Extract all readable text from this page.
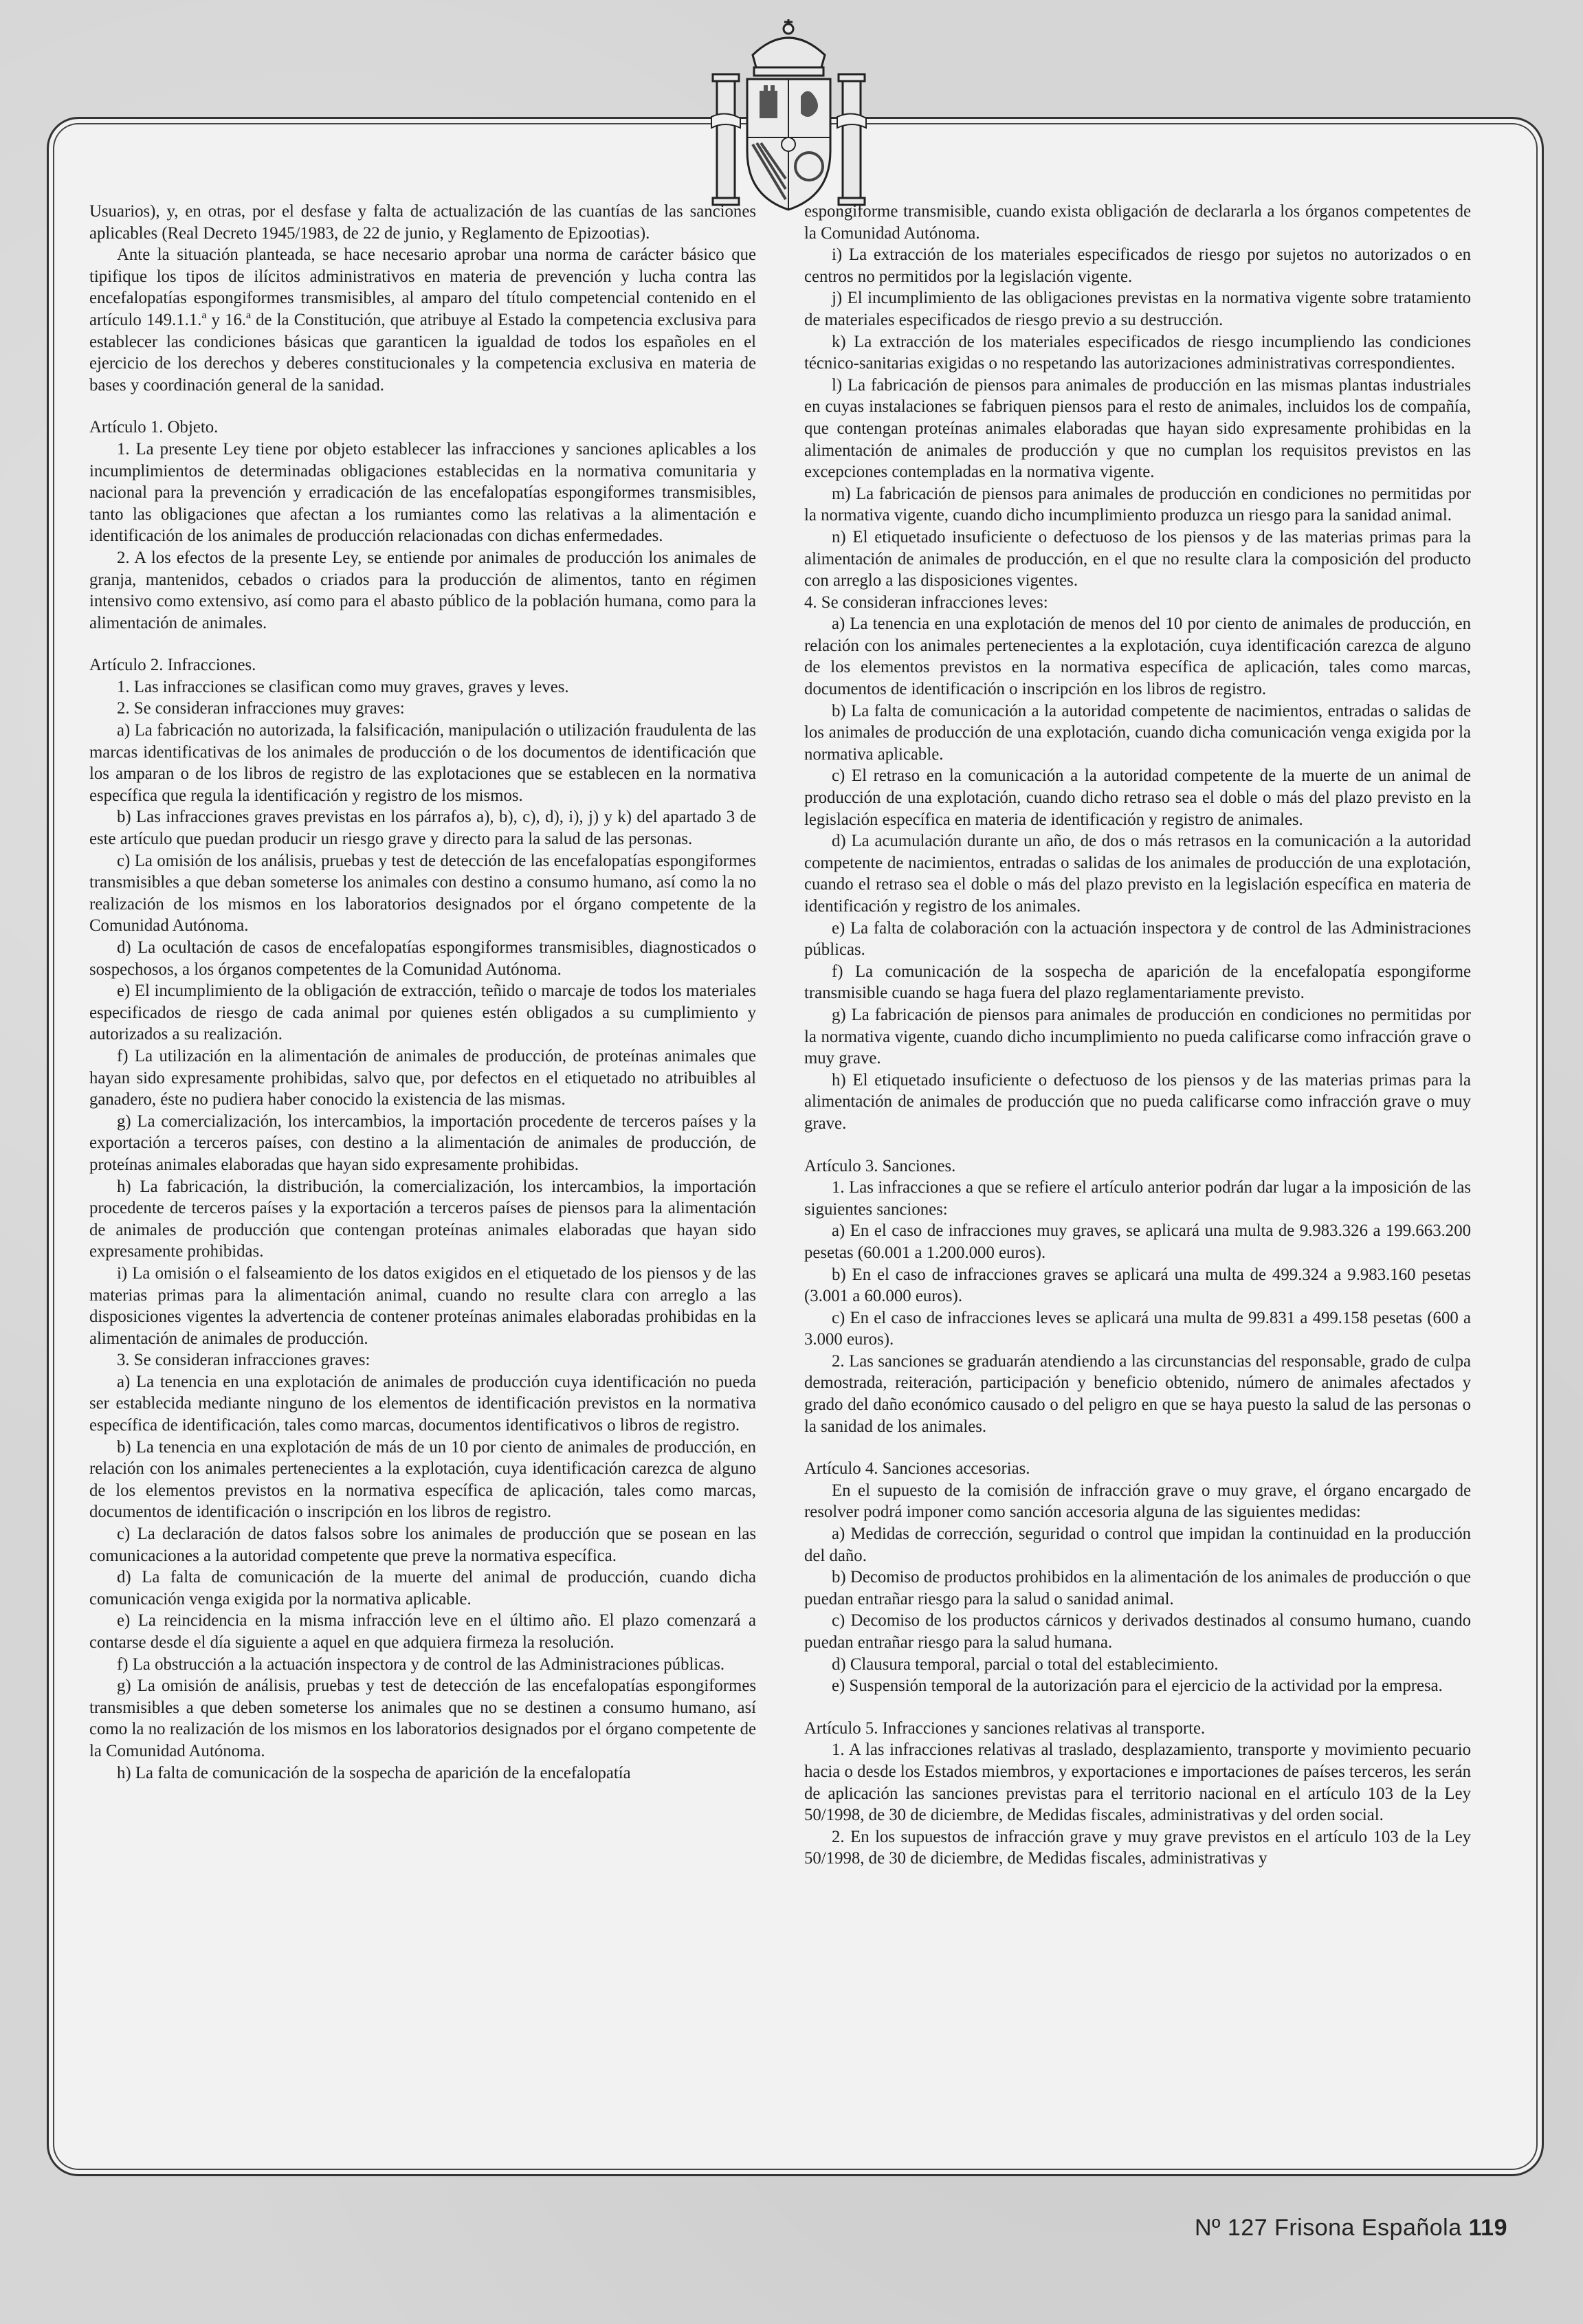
Usuarios), y, en otras, por el desfase y falta de actualización de las cuantías de las sanciones aplicables (Real Decreto 1945/1983, de 22 de junio, y Reglamento de Epizootias).

Ante la situación planteada, se hace necesario aprobar una norma de carácter básico que tipifique los tipos de ilícitos administrativos en materia de prevención y lucha contra las encefalopatías espongiformes transmisibles, al amparo del título competencial contenido en el artículo 149.1.1.ª y 16.ª de la Constitución, que atribuye al Estado la competencia exclusiva para establecer las condiciones básicas que garanticen la igualdad de todos los españoles en el ejercicio de los derechos y deberes constitucionales y la competencia exclusiva en materia de bases y coordinación general de la sanidad.

Artículo 1. Objeto.

1. La presente Ley tiene por objeto establecer las infracciones y sanciones aplicables a los incumplimientos de determinadas obligaciones establecidas en la normativa comunitaria y nacional para la prevención y erradicación de las encefalopatías espongiformes transmisibles, tanto las obligaciones que afectan a los rumiantes como las relativas a la alimentación e identificación de los animales de producción relacionadas con dichas enfermedades.

2. A los efectos de la presente Ley, se entiende por animales de producción los animales de granja, mantenidos, cebados o criados para la producción de alimentos, tanto en régimen intensivo como extensivo, así como para el abasto público de la población humana, como para la alimentación de animales.

Artículo 2. Infracciones.

1. Las infracciones se clasifican como muy graves, graves y leves.

2. Se consideran infracciones muy graves:

a) La fabricación no autorizada, la falsificación, manipulación o utilización fraudulenta de las marcas identificativas de los animales de producción o de los documentos de identificación que los amparan o de los libros de registro de las explotaciones que se establecen en la normativa específica que regula la identificación y registro de los mismos.

b) Las infracciones graves previstas en los párrafos a), b), c), d), i), j) y k) del apartado 3 de este artículo que puedan producir un riesgo grave y directo para la salud de las personas.

c) La omisión de los análisis, pruebas y test de detección de las encefalopatías espongiformes transmisibles a que deban someterse los animales con destino a consumo humano, así como la no realización de los mismos en los laboratorios designados por el órgano competente de la Comunidad Autónoma.

d) La ocultación de casos de encefalopatías espongiformes transmisibles, diagnosticados o sospechosos, a los órganos competentes de la Comunidad Autónoma.

e) El incumplimiento de la obligación de extracción, teñido o marcaje de todos los materiales especificados de riesgo de cada animal por quienes estén obligados a su cumplimiento y autorizados a su realización.

f) La utilización en la alimentación de animales de producción, de proteínas animales que hayan sido expresamente prohibidas, salvo que, por defectos en el etiquetado no atribuibles al ganadero, éste no pudiera haber conocido la existencia de las mismas.

g) La comercialización, los intercambios, la importación procedente de terceros países y la exportación a terceros países, con destino a la alimentación de animales de producción, de proteínas animales elaboradas que hayan sido expresamente prohibidas.

h) La fabricación, la distribución, la comercialización, los intercambios, la importación procedente de terceros países y la exportación a terceros países de piensos para la alimentación de animales de producción que contengan proteínas animales elaboradas que hayan sido expresamente prohibidas.

i) La omisión o el falseamiento de los datos exigidos en el etiquetado de los piensos y de las materias primas para la alimentación animal, cuando no resulte clara con arreglo a las disposiciones vigentes la advertencia de contener proteínas animales elaboradas prohibidas en la alimentación de animales de producción.

3. Se consideran infracciones graves:

a) La tenencia en una explotación de animales de producción cuya identificación no pueda ser establecida mediante ninguno de los elementos de identificación previstos en la normativa específica de identificación, tales como marcas, documentos identificativos o libros de registro.

b) La tenencia en una explotación de más de un 10 por ciento de animales de producción, en relación con los animales pertenecientes a la explotación, cuya identificación carezca de alguno de los elementos previstos en la normativa específica de aplicación, tales como marcas, documentos de identificación o inscripción en los libros de registro.

c) La declaración de datos falsos sobre los animales de producción que se posean en las comunicaciones a la autoridad competente que preve la normativa específica.

d) La falta de comunicación de la muerte del animal de producción, cuando dicha comunicación venga exigida por la normativa aplicable.

e) La reincidencia en la misma infracción leve en el último año. El plazo comenzará a contarse desde el día siguiente a aquel en que adquiera firmeza la resolución.

f) La obstrucción a la actuación inspectora y de control de las Administraciones públicas.

g) La omisión de análisis, pruebas y test de detección de las encefalopatías espongiformes transmisibles a que deben someterse los animales que no se destinen a consumo humano, así como la no realización de los mismos en los laboratorios designados por el órgano competente de la Comunidad Autónoma.

h) La falta de comunicación de la sospecha de aparición de la encefalopatía

espongiforme transmisible, cuando exista obligación de declararla a los órganos competentes de la Comunidad Autónoma.

i) La extracción de los materiales especificados de riesgo por sujetos no autorizados o en centros no permitidos por la legislación vigente.

j) El incumplimiento de las obligaciones previstas en la normativa vigente sobre tratamiento de materiales especificados de riesgo previo a su destrucción.

k) La extracción de los materiales especificados de riesgo incumpliendo las condiciones técnico-sanitarias exigidas o no respetando las autorizaciones administrativas correspondientes.

l) La fabricación de piensos para animales de producción en las mismas plantas industriales en cuyas instalaciones se fabriquen piensos para el resto de animales, incluidos los de compañía, que contengan proteínas animales elaboradas que hayan sido expresamente prohibidas en la alimentación de animales de producción y que no cumplan los requisitos previstos en las excepciones contempladas en la normativa vigente.

m) La fabricación de piensos para animales de producción en condiciones no permitidas por la normativa vigente, cuando dicho incumplimiento produzca un riesgo para la sanidad animal.

n) El etiquetado insuficiente o defectuoso de los piensos y de las materias primas para la alimentación de animales de producción, en el que no resulte clara la composición del producto con arreglo a las disposiciones vigentes.

4. Se consideran infracciones leves:

a) La tenencia en una explotación de menos del 10 por ciento de animales de producción, en relación con los animales pertenecientes a la explotación, cuya identificación carezca de alguno de los elementos previstos en la normativa específica de aplicación, tales como marcas, documentos de identificación o inscripción en los libros de registro.

b) La falta de comunicación a la autoridad competente de nacimientos, entradas o salidas de los animales de producción de una explotación, cuando dicha comunicación venga exigida por la normativa aplicable.

c) El retraso en la comunicación a la autoridad competente de la muerte de un animal de producción de una explotación, cuando dicho retraso sea el doble o más del plazo previsto en la legislación específica en materia de identificación y registro de animales.

d) La acumulación durante un año, de dos o más retrasos en la comunicación a la autoridad competente de nacimientos, entradas o salidas de los animales de producción de una explotación, cuando el retraso sea el doble o más del plazo previsto en la legislación específica en materia de identificación y registro de los animales.

e) La falta de colaboración con la actuación inspectora y de control de las Administraciones públicas.

f) La comunicación de la sospecha de aparición de la encefalopatía espongiforme transmisible cuando se haga fuera del plazo reglamentariamente previsto.

g) La fabricación de piensos para animales de producción en condiciones no permitidas por la normativa vigente, cuando dicho incumplimiento no pueda calificarse como infracción grave o muy grave.

h) El etiquetado insuficiente o defectuoso de los piensos y de las materias primas para la alimentación de animales de producción que no pueda calificarse como infracción grave o muy grave.

Artículo 3. Sanciones.

1. Las infracciones a que se refiere el artículo anterior podrán dar lugar a la imposición de las siguientes sanciones:

a) En el caso de infracciones muy graves, se aplicará una multa de 9.983.326 a 199.663.200 pesetas (60.001 a 1.200.000 euros).

b) En el caso de infracciones graves se aplicará una multa de 499.324 a 9.983.160 pesetas (3.001 a 60.000 euros).

c) En el caso de infracciones leves se aplicará una multa de 99.831 a 499.158 pesetas (600 a 3.000 euros).

2. Las sanciones se graduarán atendiendo a las circunstancias del responsable, grado de culpa demostrada, reiteración, participación y beneficio obtenido, número de animales afectados y grado del daño económico causado o del peligro en que se haya puesto la salud de las personas o la sanidad de los animales.

Artículo 4. Sanciones accesorias.

En el supuesto de la comisión de infracción grave o muy grave, el órgano encargado de resolver podrá imponer como sanción accesoria alguna de las siguientes medidas:

a) Medidas de corrección, seguridad o control que impidan la continuidad en la producción del daño.

b) Decomiso de productos prohibidos en la alimentación de los animales de producción o que puedan entrañar riesgo para la salud o sanidad animal.

c) Decomiso de los productos cárnicos y derivados destinados al consumo humano, cuando puedan entrañar riesgo para la salud humana.

d) Clausura temporal, parcial o total del establecimiento.

e) Suspensión temporal de la autorización para el ejercicio de la actividad por la empresa.

Artículo 5. Infracciones y sanciones relativas al transporte.

1. A las infracciones relativas al traslado, desplazamiento, transporte y movimiento pecuario hacia o desde los Estados miembros, y exportaciones e importaciones de países terceros, les serán de aplicación las sanciones previstas para el territorio nacional en el artículo 103 de la Ley 50/1998, de 30 de diciembre, de Medidas fiscales, administrativas y del orden social.

2. En los supuestos de infracción grave y muy grave previstos en el artículo 103 de la Ley 50/1998, de 30 de diciembre, de Medidas fiscales, administrativas y

Nº 127 Frisona Española 119
